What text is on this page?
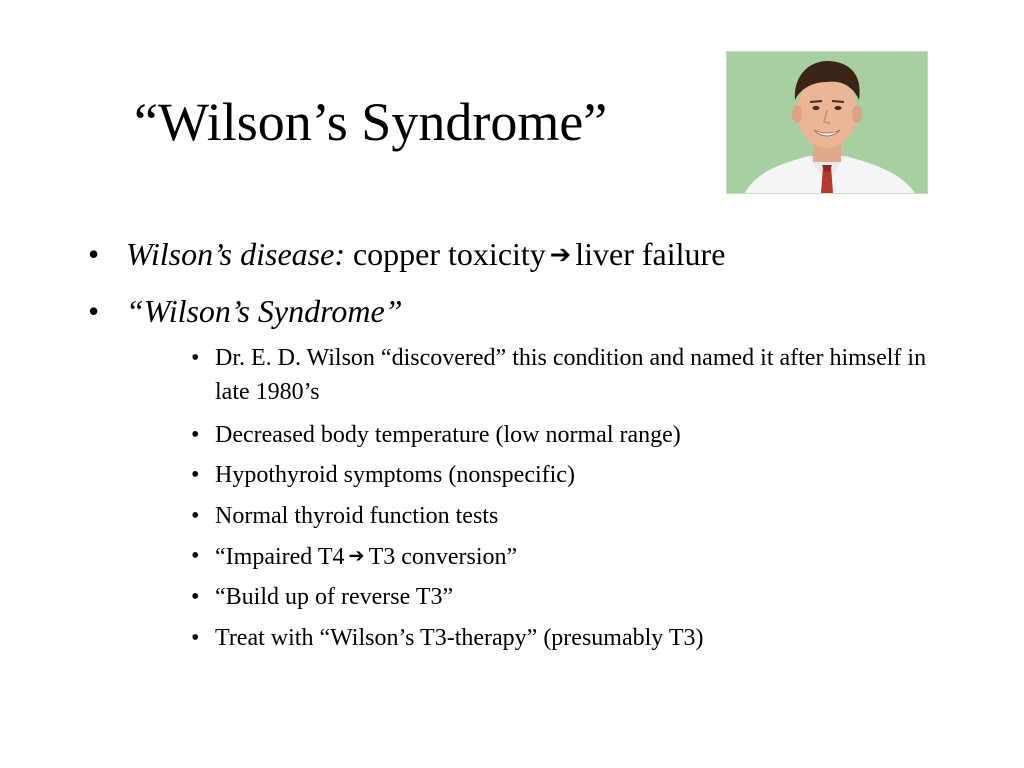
“Wilson’s Syndrome”
• Wilson’s disease: copper toxicity ➔ liver failure
• “Wilson’s Syndrome”
• Dr. E. D. Wilson “discovered” this condition and named it after himself in late 1980’s
• Decreased body temperature (low normal range)
• Hypothyroid symptoms (nonspecific)
• Normal thyroid function tests
• “Impaired T4 ➔ T3 conversion”
• “Build up of reverse T3”
• Treat with “Wilson’s T3-therapy” (presumably T3)
